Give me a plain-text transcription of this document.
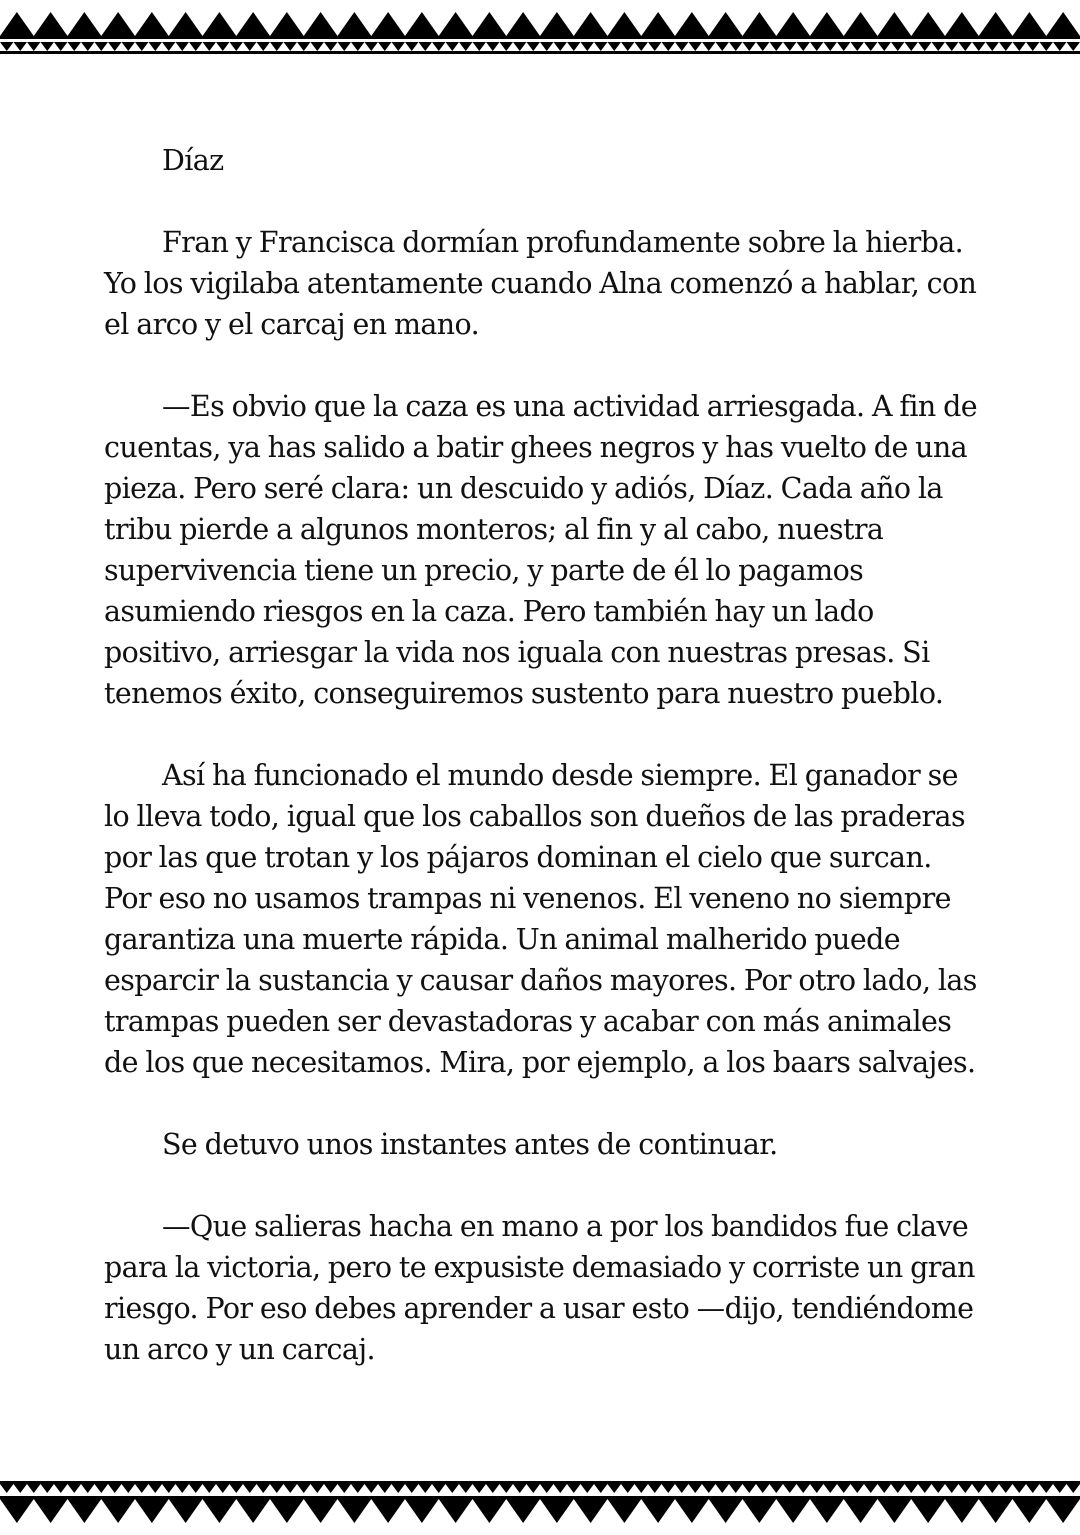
Díaz

Fran y Francisca dormían profundamente sobre la hierba. Yo los vigilaba atentamente cuando Alna comenzó a hablar, con el arco y el carcaj en mano.

—Es obvio que la caza es una actividad arriesgada. A fin de cuentas, ya has salido a batir ghees negros y has vuelto de una pieza. Pero seré clara: un descuido y adiós, Díaz. Cada año la tribu pierde a algunos monteros; al fin y al cabo, nuestra supervivencia tiene un precio, y parte de él lo pagamos asumiendo riesgos en la caza. Pero también hay un lado positivo, arriesgar la vida nos iguala con nuestras presas. Si tenemos éxito, conseguiremos sustento para nuestro pueblo.

Así ha funcionado el mundo desde siempre. El ganador se lo lleva todo, igual que los caballos son dueños de las praderas por las que trotan y los pájaros dominan el cielo que surcan. Por eso no usamos trampas ni venenos. El veneno no siempre garantiza una muerte rápida. Un animal malherido puede esparcir la sustancia y causar daños mayores. Por otro lado, las trampas pueden ser devastadoras y acabar con más animales de los que necesitamos. Mira, por ejemplo, a los baars salvajes.

Se detuvo unos instantes antes de continuar.

—Que salieras hacha en mano a por los bandidos fue clave para la victoria, pero te expusiste demasiado y corriste un gran riesgo. Por eso debes aprender a usar esto —dijo, tendiéndome un arco y un carcaj.
